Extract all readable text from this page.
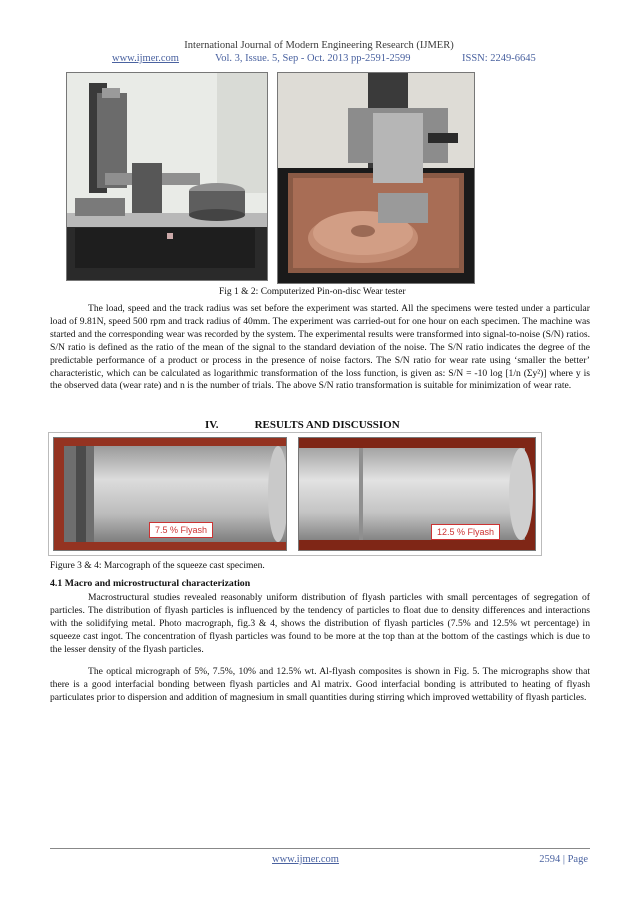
International Journal of Modern Engineering Research (IJMER)
www.ijmer.com	Vol. 3, Issue. 5, Sep - Oct. 2013 pp-2591-2599	ISSN: 2249-6645
Fig 1 & 2: Computerized Pin-on-disc Wear tester

The load, speed and the track radius was set before the experiment was started. All the specimens were tested under a particular load of 9.81N, speed 500 rpm and track radius of 40mm. The experiment was carried-out for one hour on each specimen. The machine was started and the corresponding wear was recorded by the system. The experimental results were transformed into signal-to-noise (S/N) ratios. S/N ratio is defined as the ratio of the mean of the signal to the standard deviation of the noise. The S/N ratio indicates the degree of the predictable performance of a product or process in the presence of noise factors. The S/N ratio for wear rate using ‘smaller the better’ characteristic, which can be calculated as logarithmic transformation of the loss function, is given as: S/N = -10 log [1/n (Σy²)] where y is the observed data (wear rate) and n is the number of trials. The above S/N ratio transformation is suitable for minimization of wear rate.

IV.	RESULTS AND DISCUSSION
7.5 % Flyash	12.5 % Flyash
Figure 3 & 4: Marcograph of the squeeze cast specimen.
4.1 Macro and microstructural characterization

Macrostructural studies revealed reasonably uniform distribution of flyash particles with small percentages of segregation of particles. The distribution of flyash particles is influenced by the tendency of particles to float due to density differences and interactions with the solidifying metal. Photo macrograph, fig.3 & 4, shows the distribution of flyash particles (7.5% and 12.5% wt percentage) in squeeze cast ingot. The concentration of flyash particles was found to be more at the top than at the bottom of the castings which is due to the lesser density of the flyash particles.

The optical micrograph of 5%, 7.5%, 10% and 12.5% wt. Al-flyash composites is shown in Fig. 5. The micrographs show that there is a good interfacial bonding between flyash particles and Al matrix. Good interfacial bonding is attributed to heating of flyash particulates prior to dispersion and addition of magnesium in small quantities during stirring which improved wettability of flyash particles.

www.ijmer.com	2594 | Page
